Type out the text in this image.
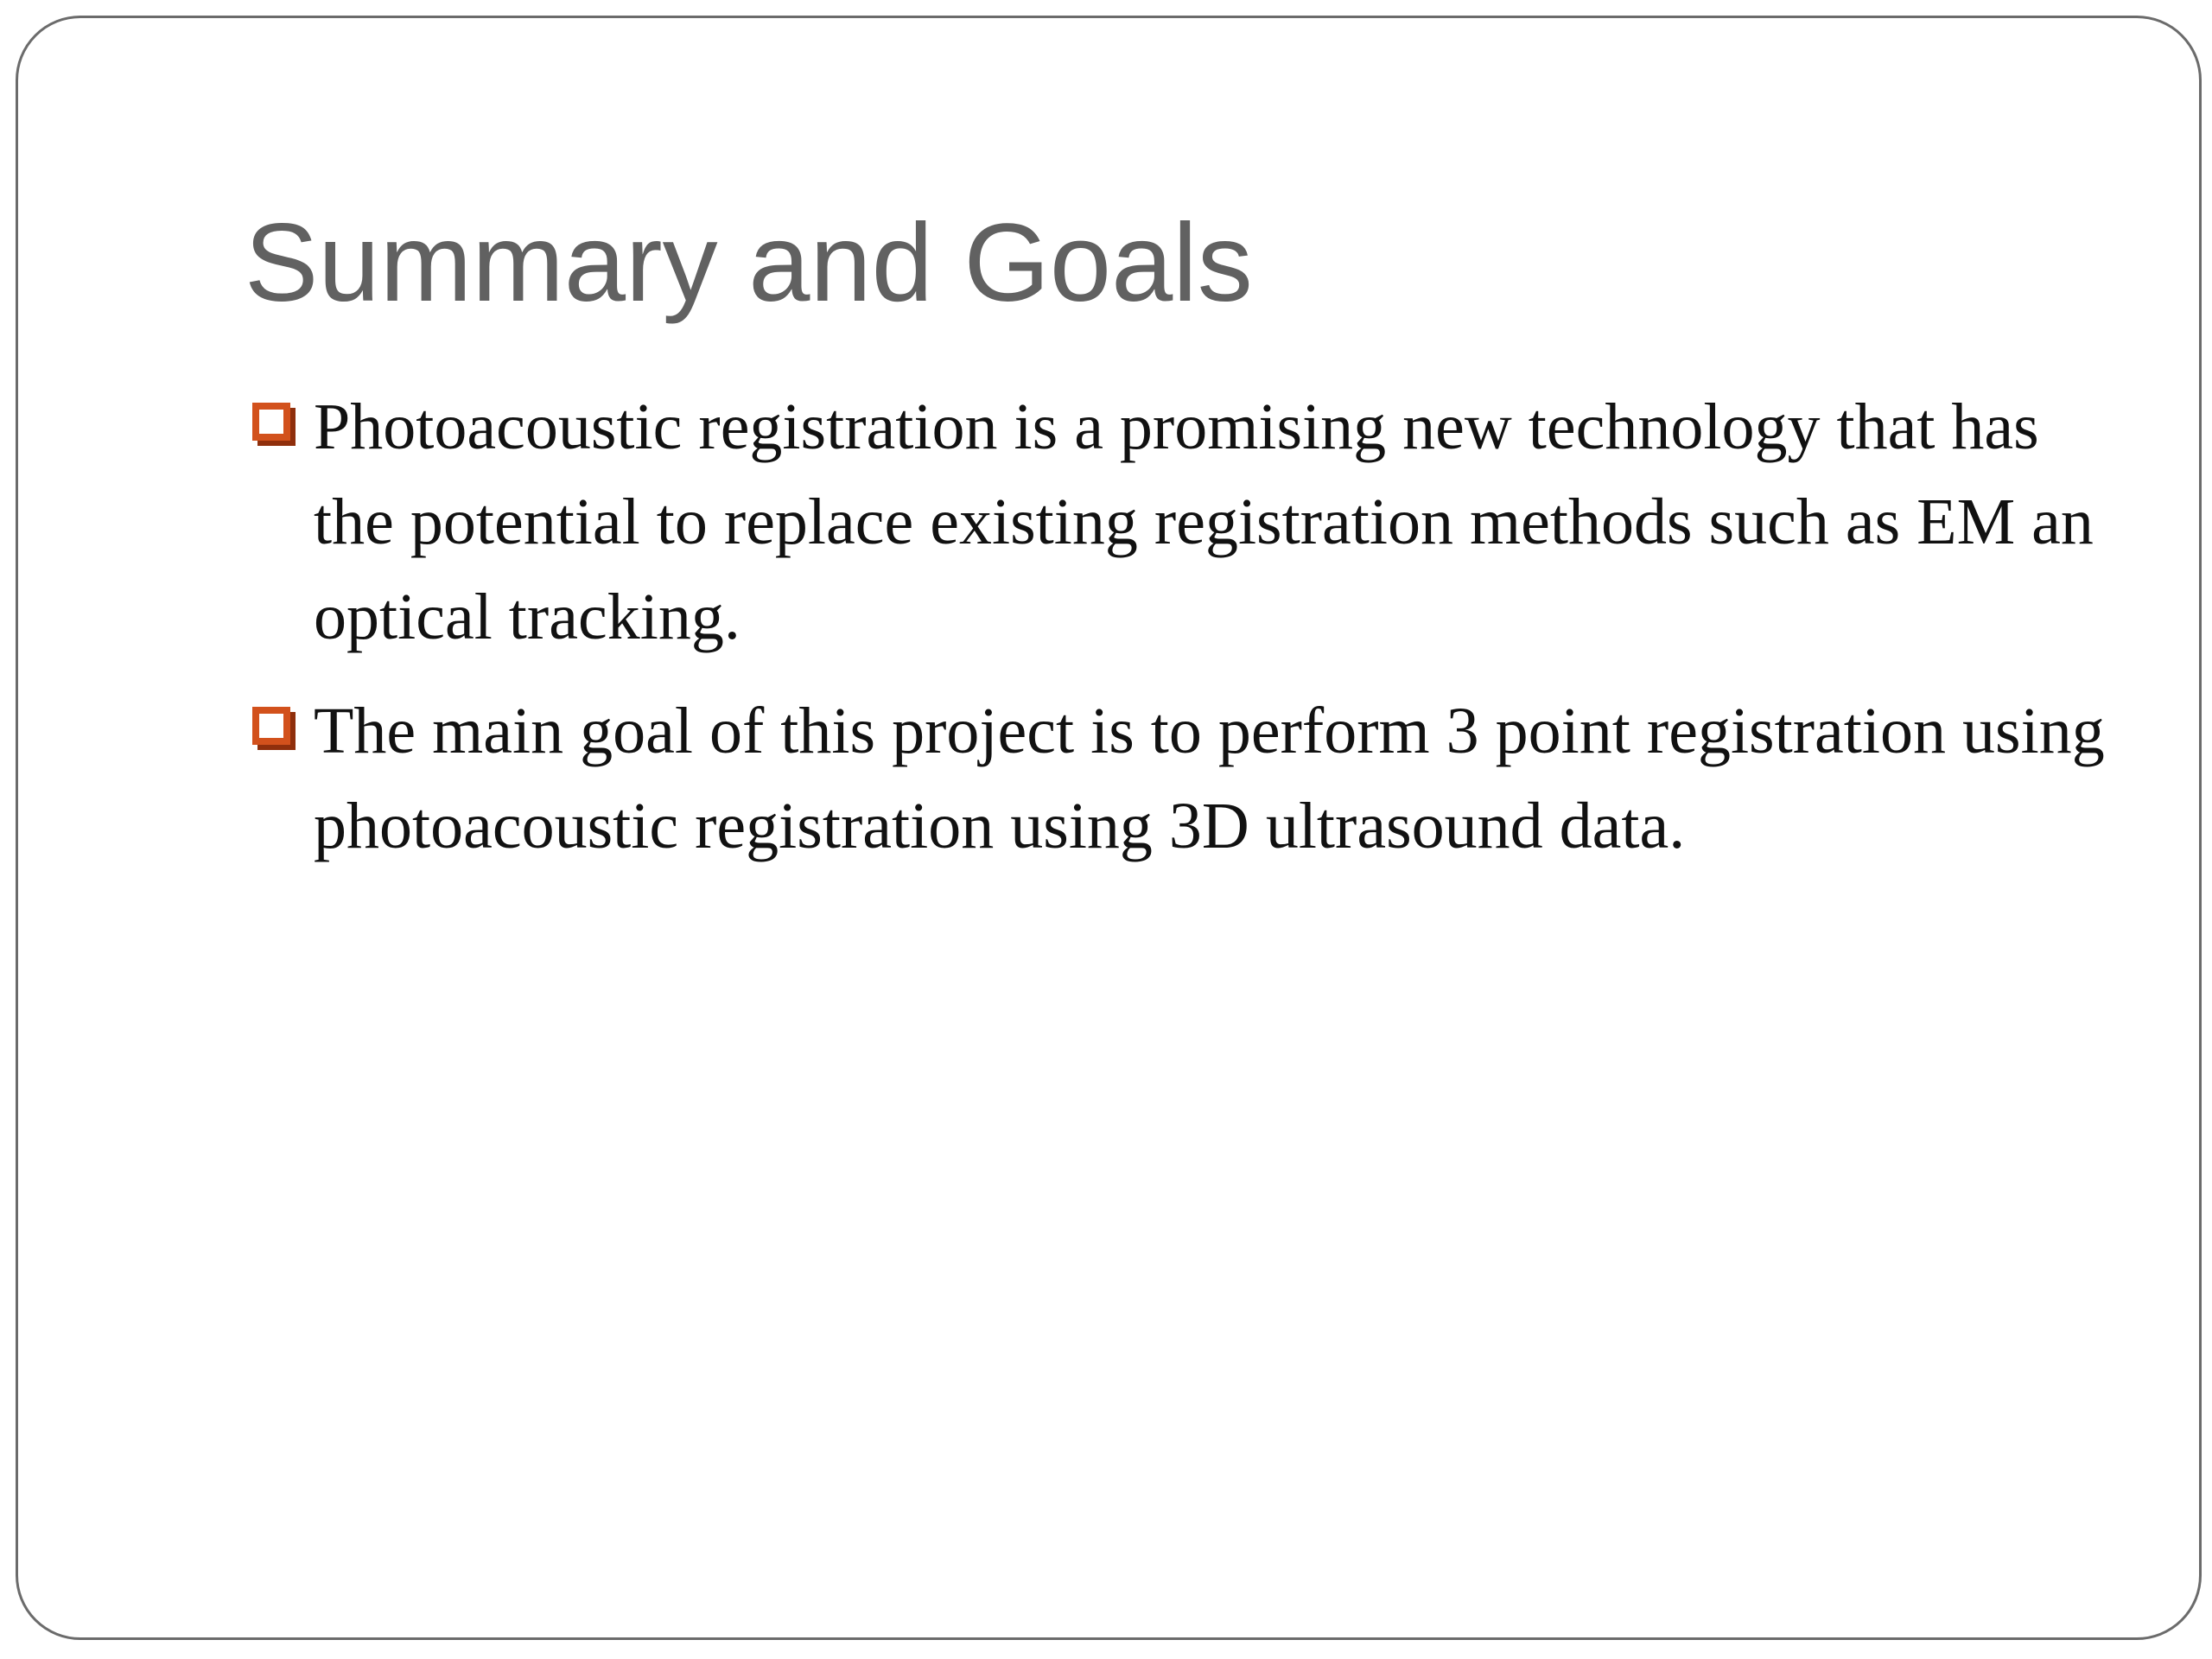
Summary and Goals
Photoacoustic registration is a promising new technology that has the potential to replace existing registration methods such as EM an optical tracking.
The main goal of this project is to perform 3 point registration using photoacoustic registration using 3D ultrasound data.
